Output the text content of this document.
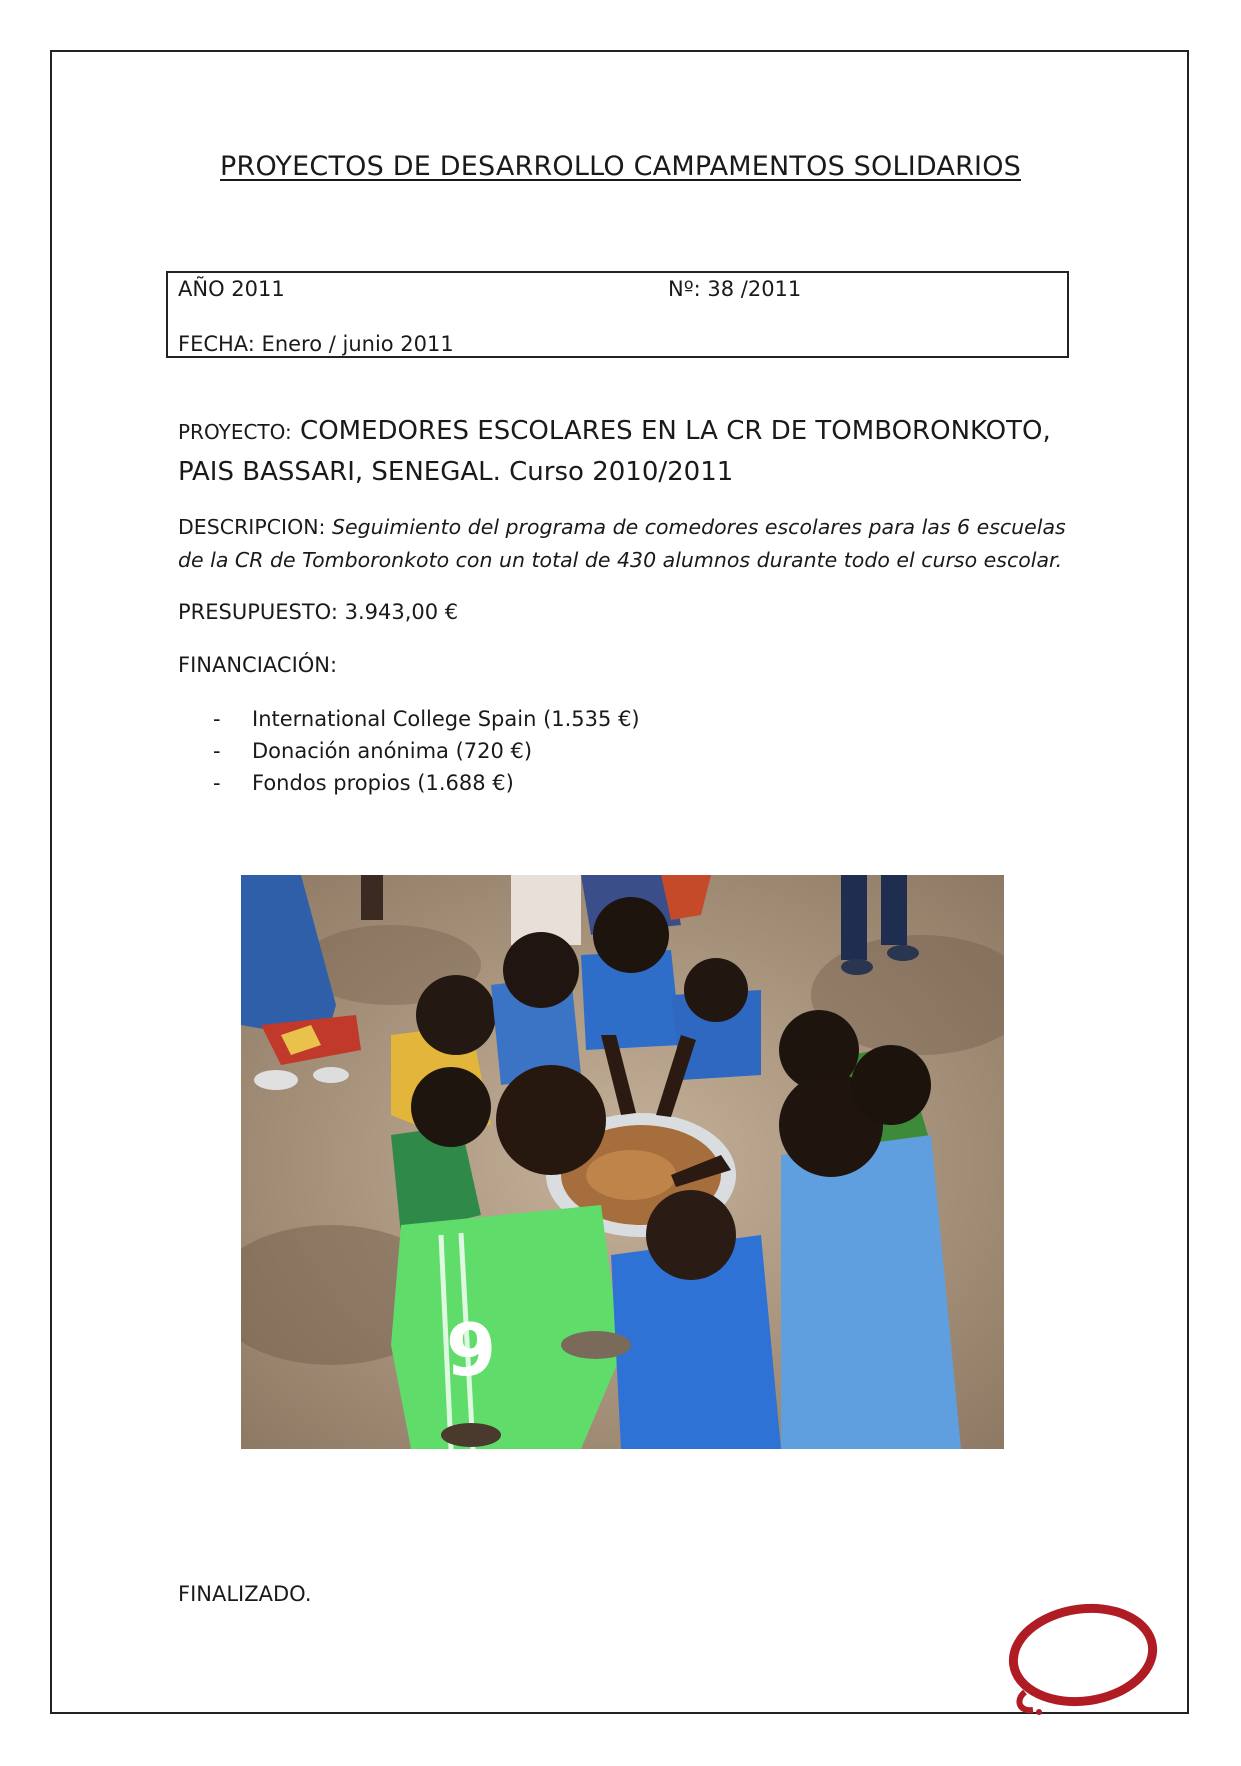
PROYECTOS DE DESARROLLO CAMPAMENTOS SOLIDARIOS
AÑO 2011	Nº: 38 /2011
FECHA: Enero / junio 2011
PROYECTO: COMEDORES ESCOLARES EN LA CR DE TOMBORONKOTO,
PAIS BASSARI, SENEGAL. Curso 2010/2011
DESCRIPCION: Seguimiento del programa de comedores escolares para las 6 escuelas de la CR de Tomboronkoto con un total de 430 alumnos durante todo el curso escolar.
PRESUPUESTO: 3.943,00 €
FINANCIACIÓN:
- International College Spain (1.535 €)
- Donación anónima (720 €)
- Fondos propios (1.688 €)
9
FINALIZADO.
